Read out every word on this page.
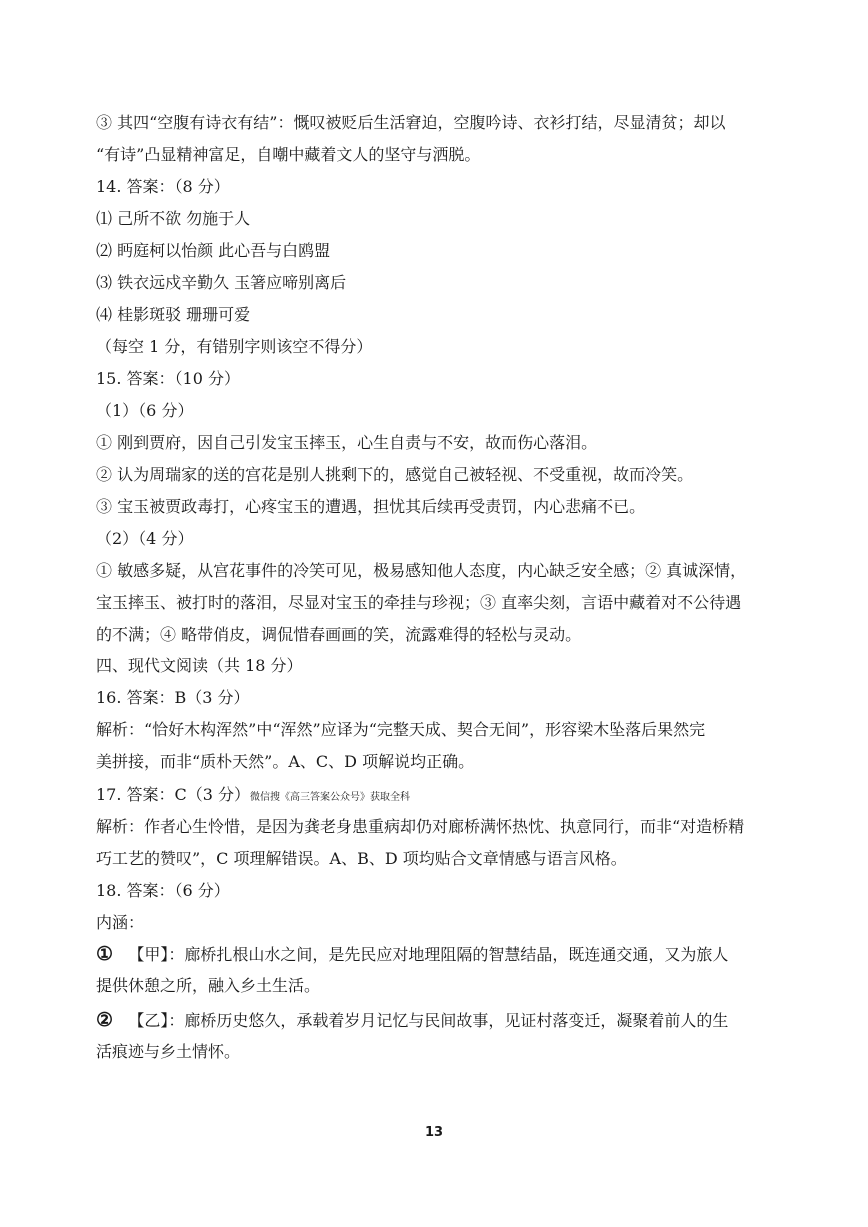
③ 其四“空腹有诗衣有结”：慨叹被贬后生活窘迫，空腹吟诗、衣衫打结，尽显清贫；却以
“有诗”凸显精神富足，自嘲中藏着文人的坚守与洒脱。
14. 答案：（8 分）
⑴ 己所不欲 勿施于人
⑵ 眄庭柯以怡颜 此心吾与白鸥盟
⑶ 铁衣远戍辛勤久 玉箸应啼别离后
⑷ 桂影斑驳 珊珊可爱
（每空 1 分，有错别字则该空不得分）
15. 答案：（10 分）
（1）（6 分）
① 刚到贾府，因自己引发宝玉摔玉，心生自责与不安，故而伤心落泪。
② 认为周瑞家的送的宫花是别人挑剩下的，感觉自己被轻视、不受重视，故而冷笑。
③ 宝玉被贾政毒打，心疼宝玉的遭遇，担忧其后续再受责罚，内心悲痛不已。
（2）（4 分）
① 敏感多疑，从宫花事件的冷笑可见，极易感知他人态度，内心缺乏安全感；② 真诚深情，
宝玉摔玉、被打时的落泪，尽显对宝玉的牵挂与珍视；③ 直率尖刻，言语中藏着对不公待遇
的不满；④ 略带俏皮，调侃惜春画画的笑，流露难得的轻松与灵动。
四、现代文阅读（共 18 分）
16. 答案：B（3 分）
解析：“恰好木构浑然”中“浑然”应译为“完整天成、契合无间”，形容梁木坠落后果然完
美拼接，而非“质朴天然”。A、C、D 项解说均正确。
17. 答案：C（3 分）微信搜《高三答案公众号》获取全科
解析：作者心生怜惜，是因为龚老身患重病却仍对廊桥满怀热忱、执意同行，而非“对造桥精
巧工艺的赞叹”，C 项理解错误。A、B、D 项均贴合文章情感与语言风格。
18. 答案：（6 分）
内涵：
① 【甲】：廊桥扎根山水之间，是先民应对地理阻隔的智慧结晶，既连通交通，又为旅人
提供休憩之所，融入乡土生活。
② 【乙】：廊桥历史悠久，承载着岁月记忆与民间故事，见证村落变迁，凝聚着前人的生
活痕迹与乡土情怀。
13
